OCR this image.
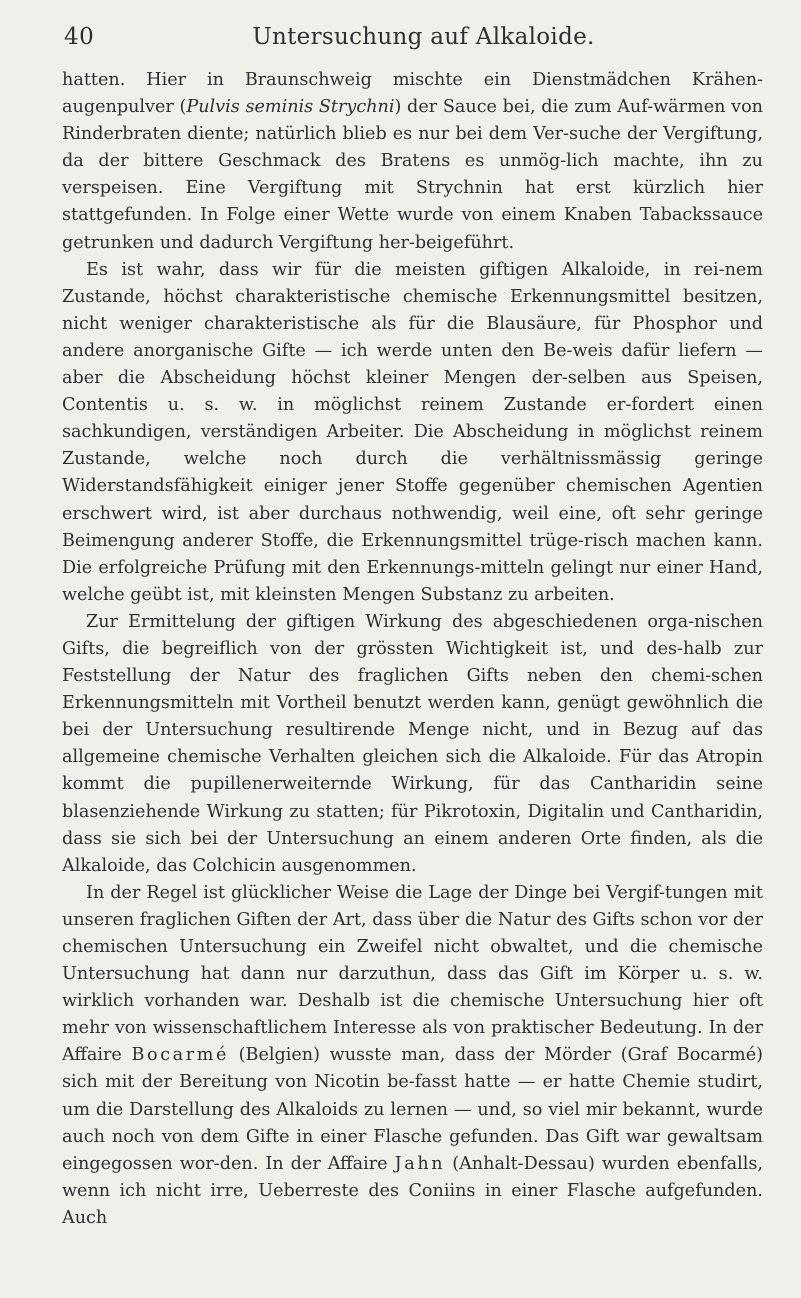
40	Untersuchung auf Alkaloide.

hatten. Hier in Braunschweig mischte ein Dienstmädchen Krähen-augenpulver (Pulvis seminis Strychni) der Sauce bei, die zum Auf-wärmen von Rinderbraten diente; natürlich blieb es nur bei dem Ver-suche der Vergiftung, da der bittere Geschmack des Bratens es unmög-lich machte, ihn zu verspeisen. Eine Vergiftung mit Strychnin hat erst kürzlich hier stattgefunden. In Folge einer Wette wurde von einem Knaben Tabackssauce getrunken und dadurch Vergiftung her-beigeführt.

Es ist wahr, dass wir für die meisten giftigen Alkaloide, in rei-nem Zustande, höchst charakteristische chemische Erkennungsmittel besitzen, nicht weniger charakteristische als für die Blausäure, für Phosphor und andere anorganische Gifte — ich werde unten den Be-weis dafür liefern — aber die Abscheidung höchst kleiner Mengen der-selben aus Speisen, Contentis u. s. w. in möglichst reinem Zustande er-fordert einen sachkundigen, verständigen Arbeiter. Die Abscheidung in möglichst reinem Zustande, welche noch durch die verhältnissmässig geringe Widerstandsfähigkeit einiger jener Stoffe gegenüber chemischen Agentien erschwert wird, ist aber durchaus nothwendig, weil eine, oft sehr geringe Beimengung anderer Stoffe, die Erkennungsmittel trüge-risch machen kann. Die erfolgreiche Prüfung mit den Erkennungs-mitteln gelingt nur einer Hand, welche geübt ist, mit kleinsten Mengen Substanz zu arbeiten.

Zur Ermittelung der giftigen Wirkung des abgeschiedenen orga-nischen Gifts, die begreiflich von der grössten Wichtigkeit ist, und des-halb zur Feststellung der Natur des fraglichen Gifts neben den chemi-schen Erkennungsmitteln mit Vortheil benutzt werden kann, genügt gewöhnlich die bei der Untersuchung resultirende Menge nicht, und in Bezug auf das allgemeine chemische Verhalten gleichen sich die Alkaloide. Für das Atropin kommt die pupillenerweiternde Wirkung, für das Cantharidin seine blasenziehende Wirkung zu statten; für Pikrotoxin, Digitalin und Cantharidin, dass sie sich bei der Untersuchung an einem anderen Orte finden, als die Alkaloide, das Colchicin ausgenommen.

In der Regel ist glücklicher Weise die Lage der Dinge bei Vergif-tungen mit unseren fraglichen Giften der Art, dass über die Natur des Gifts schon vor der chemischen Untersuchung ein Zweifel nicht obwaltet, und die chemische Untersuchung hat dann nur darzuthun, dass das Gift im Körper u. s. w. wirklich vorhanden war. Deshalb ist die chemische Untersuchung hier oft mehr von wissenschaftlichem Interesse als von praktischer Bedeutung. In der Affaire Bocarmé (Belgien) wusste man, dass der Mörder (Graf Bocarmé) sich mit der Bereitung von Nicotin be-fasst hatte — er hatte Chemie studirt, um die Darstellung des Alkaloids zu lernen — und, so viel mir bekannt, wurde auch noch von dem Gifte in einer Flasche gefunden. Das Gift war gewaltsam eingegossen wor-den. In der Affaire Jahn (Anhalt-Dessau) wurden ebenfalls, wenn ich nicht irre, Ueberreste des Coniins in einer Flasche aufgefunden. Auch
